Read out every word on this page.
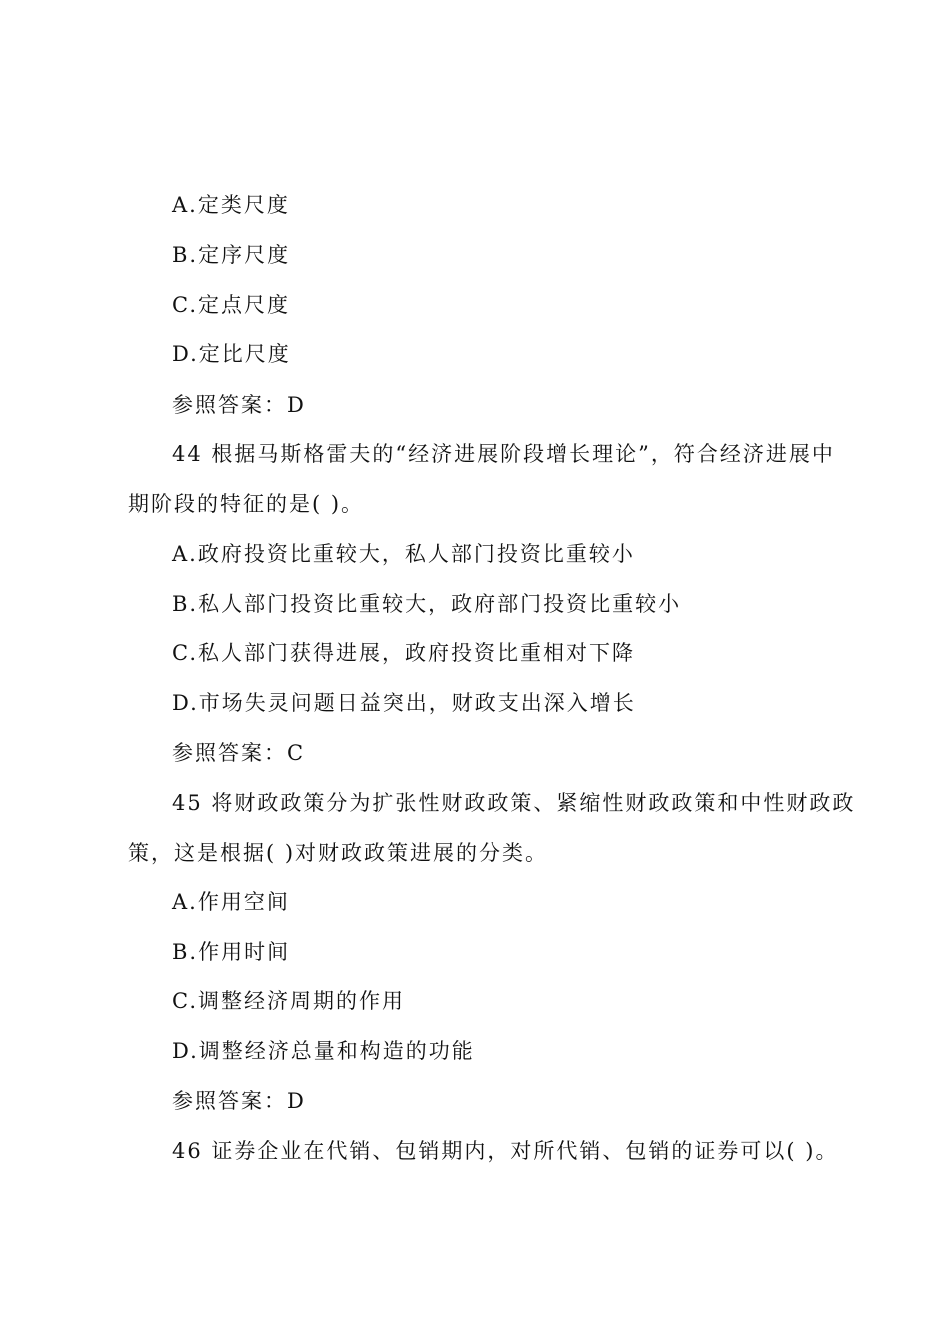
A.定类尺度
B.定序尺度
C.定点尺度
D.定比尺度
参照答案：D
44 根据马斯格雷夫的“经济进展阶段增长理论”，符合经济进展中
期阶段的特征的是( )。
A.政府投资比重较大，私人部门投资比重较小
B.私人部门投资比重较大，政府部门投资比重较小
C.私人部门获得进展，政府投资比重相对下降
D.市场失灵问题日益突出，财政支出深入增长
参照答案：C
45 将财政政策分为扩张性财政政策、紧缩性财政政策和中性财政政
策，这是根据( )对财政政策进展的分类。
A.作用空间
B.作用时间
C.调整经济周期的作用
D.调整经济总量和构造的功能
参照答案：D
46 证券企业在代销、包销期内，对所代销、包销的证券可以( )。
